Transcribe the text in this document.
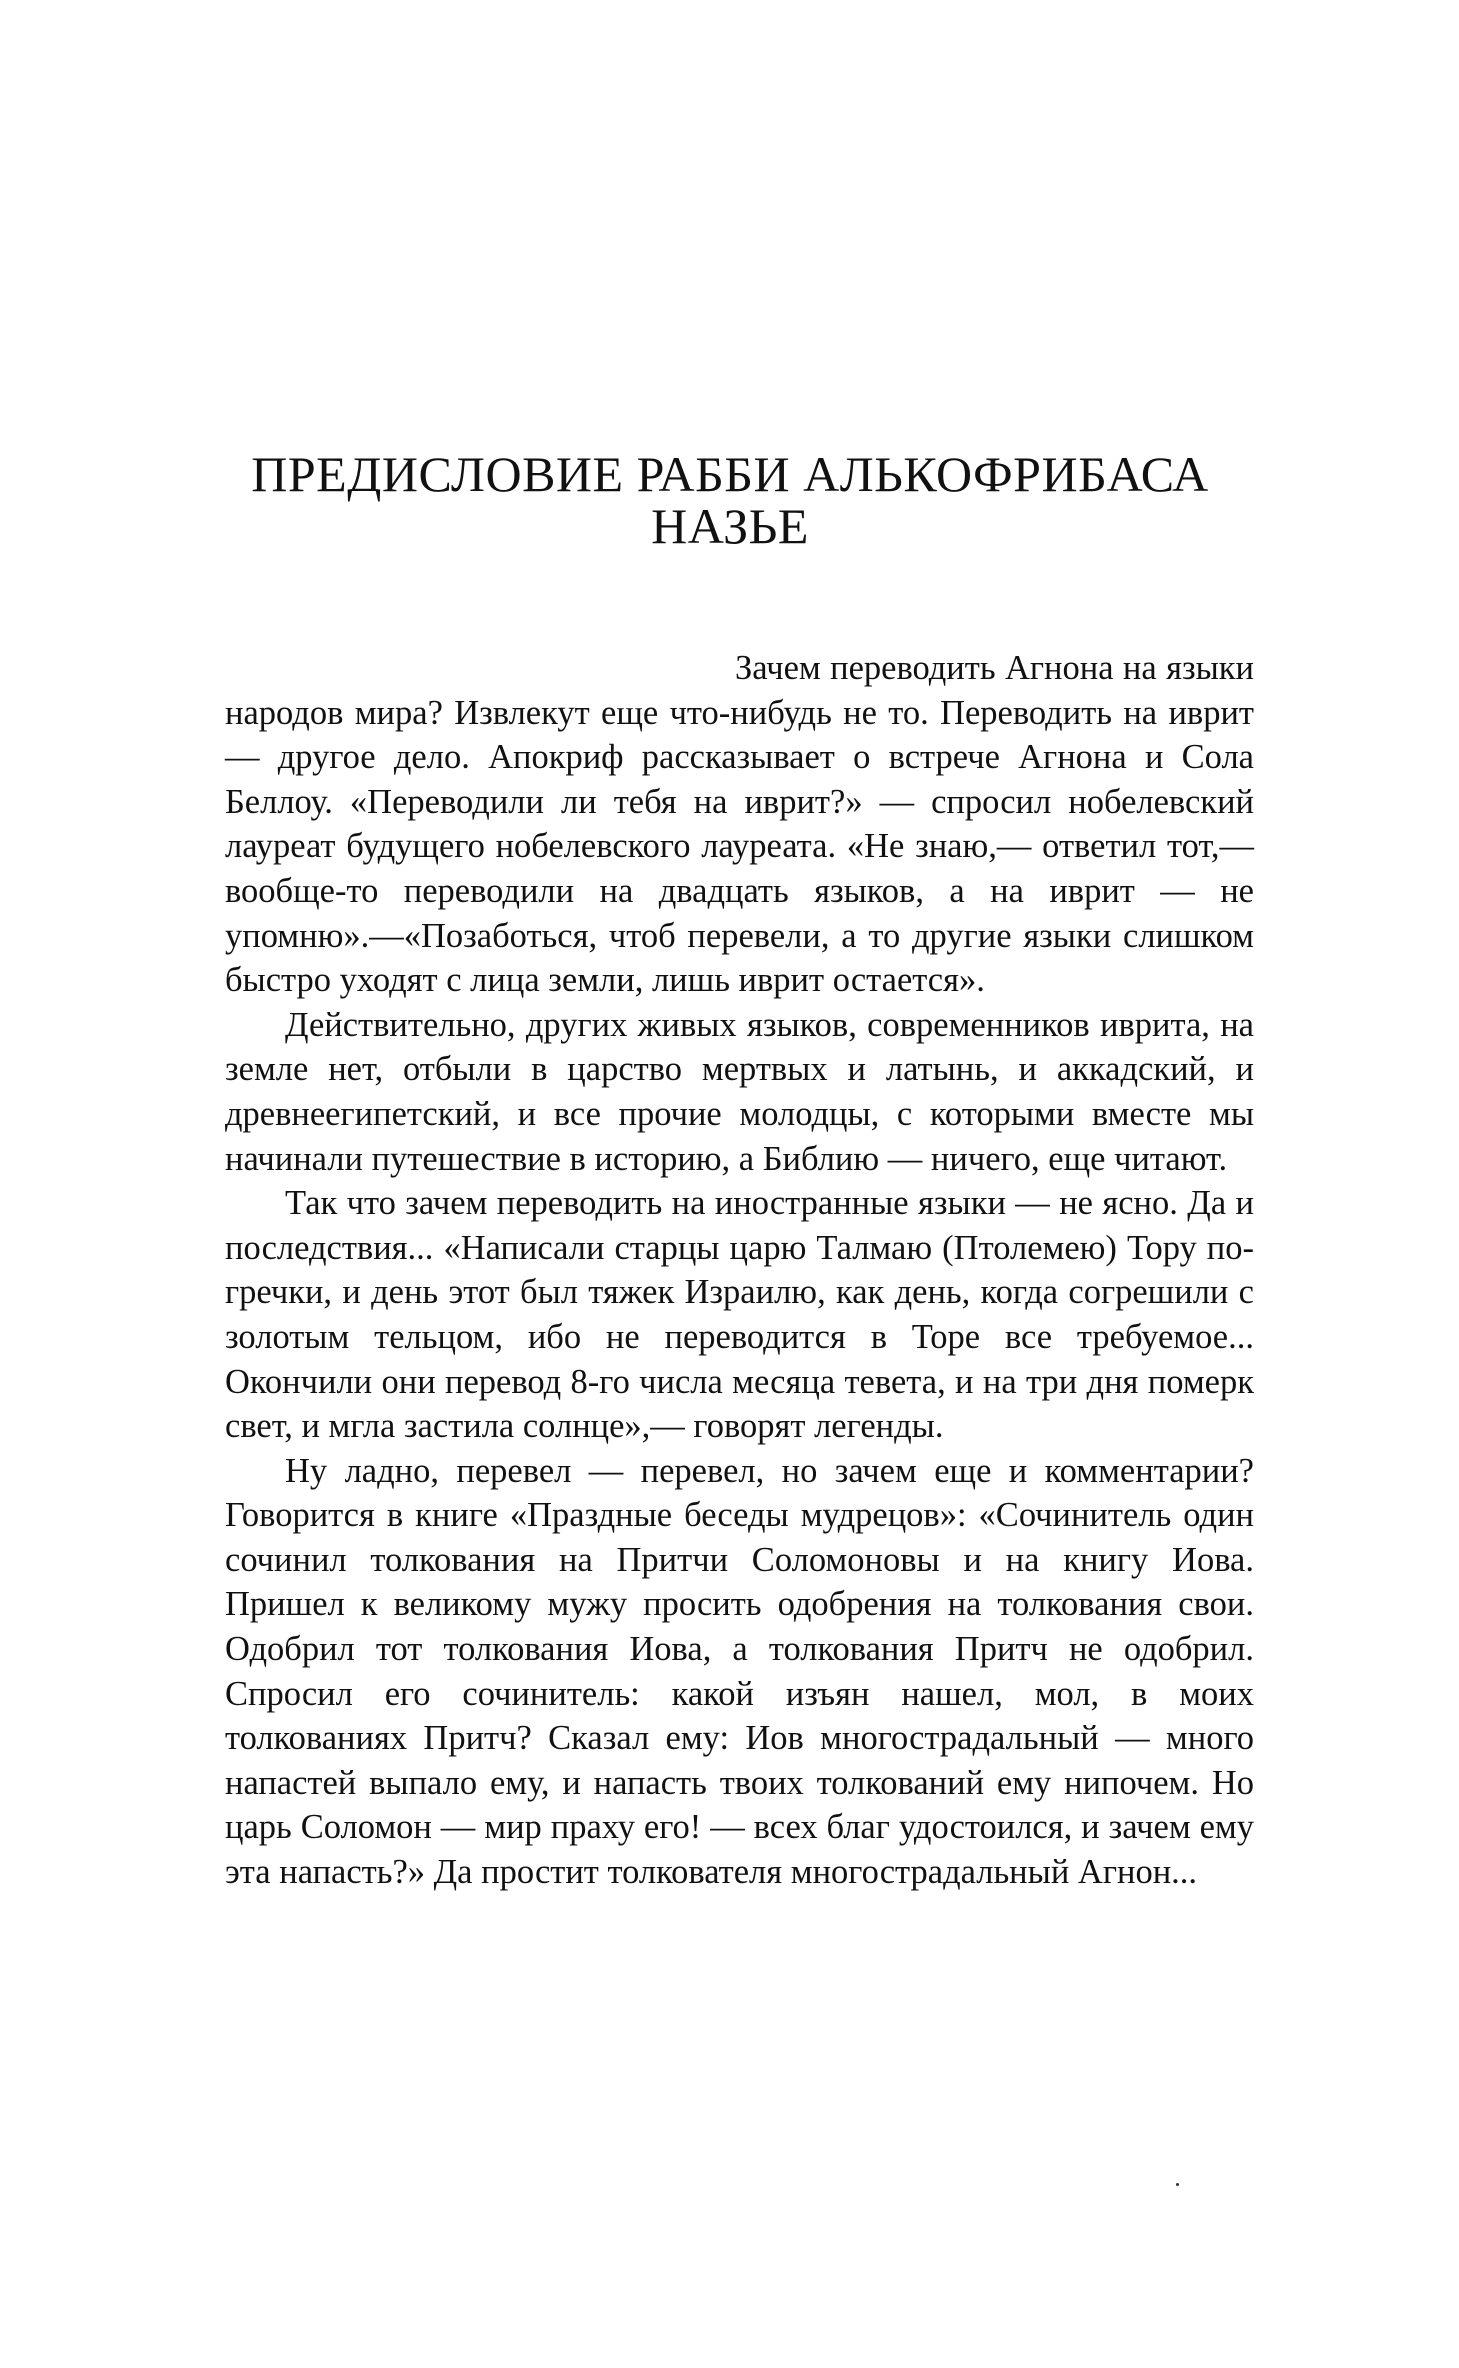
ПРЕДИСЛОВИЕ РАББИ АЛЬКОФРИБАСА
НАЗЬЕ

Зачем переводить Агнона на языки народов мира? Извлекут еще что-нибудь не то. Переводить на иврит — другое дело. Апокриф рассказывает о встрече Агнона и Сола Беллоу. «Переводили ли тебя на иврит?» — спросил нобелевский лауреат будущего нобелевского лауреата. «Не знаю,— ответил тот,— вообще-то переводили на двадцать языков, а на иврит — не упомню».—«Позаботься, чтоб перевели, а то другие языки слишком быстро уходят с лица земли, лишь иврит остается».

Действительно, других живых языков, современников иврита, на земле нет, отбыли в царство мертвых и латынь, и аккадский, и древнеегипетский, и все прочие молодцы, с которыми вместе мы начинали путешествие в историю, а Библию — ничего, еще читают.

Так что зачем переводить на иностранные языки — не ясно. Да и последствия... «Написали старцы царю Талмаю (Птолемею) Тору по-гречки, и день этот был тяжек Израилю, как день, когда согрешили с золотым тельцом, ибо не переводится в Торе все требуемое... Окончили они перевод 8-го числа месяца тевета, и на три дня померк свет, и мгла застила солнце»,— говорят легенды.

Ну ладно, перевел — перевел, но зачем еще и комментарии? Говорится в книге «Праздные беседы мудрецов»: «Сочинитель один сочинил толкования на Притчи Соломоновы и на книгу Иова. Пришел к великому мужу просить одобрения на толкования свои. Одобрил тот толкования Иова, а толкования Притч не одобрил. Спросил его сочинитель: какой изъян нашел, мол, в моих толкованиях Притч? Сказал ему: Иов многострадальный — много напастей выпало ему, и напасть твоих толкований ему нипочем. Но царь Соломон — мир праху его! — всех благ удостоился, и зачем ему эта напасть?» Да простит толкователя многострадальный Агнон...
